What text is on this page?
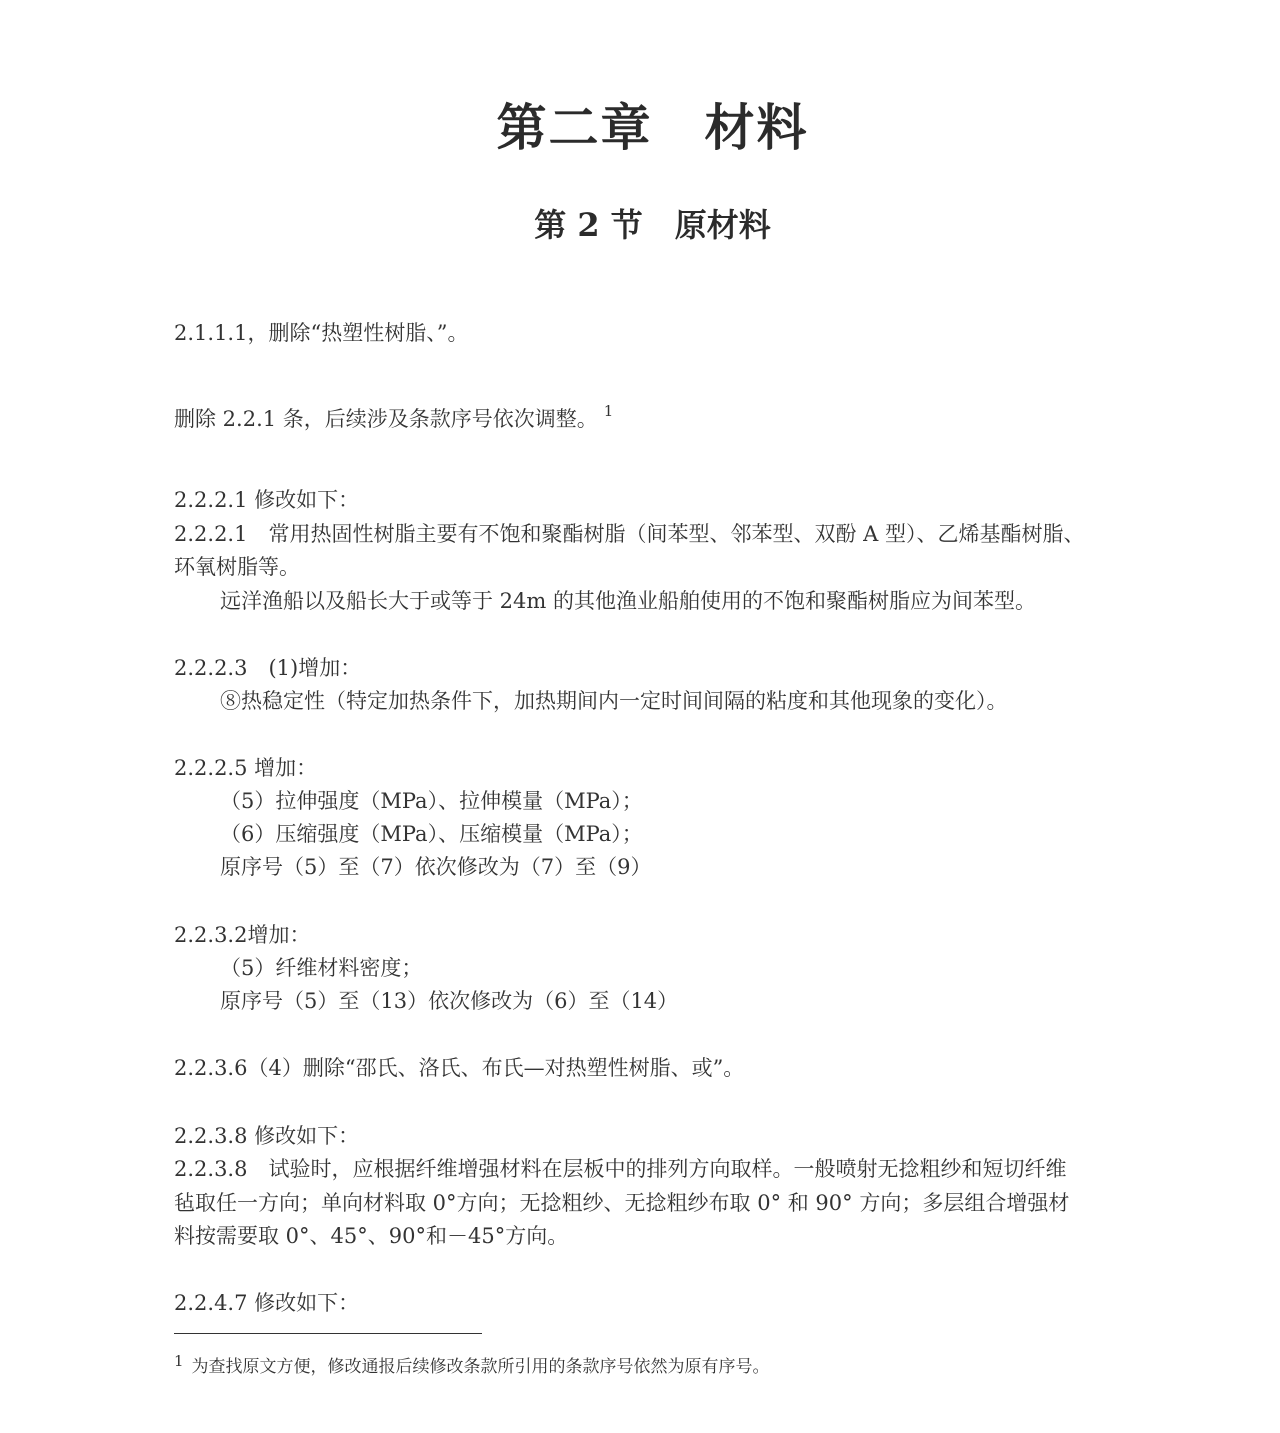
第二章　材料
第 2 节　原材料
2.1.1.1，删除“热塑性树脂、”。
删除 2.2.1 条，后续涉及条款序号依次调整。 $^1$
2.2.2.1 修改如下：
2.2.2.1　常用热固性树脂主要有不饱和聚酯树脂（间苯型、邻苯型、双酚 A 型）、乙烯基酯树脂、
环氧树脂等。
远洋渔船以及船长大于或等于 24m 的其他渔业船舶使用的不饱和聚酯树脂应为间苯型。
2.2.2.3　(1)增加：
⑧热稳定性（特定加热条件下，加热期间内一定时间间隔的粘度和其他现象的变化）。
2.2.2.5 增加：
（5）拉伸强度（MPa）、拉伸模量（MPa）；
（6）压缩强度（MPa）、压缩模量（MPa）；
原序号（5）至（7）依次修改为（7）至（9）
2.2.3.2增加：
（5）纤维材料密度；
原序号（5）至（13）依次修改为（6）至（14）
2.2.3.6（4）删除“邵氏、洛氏、布氏—对热塑性树脂、或”。
2.2.3.8 修改如下：
2.2.3.8　试验时，应根据纤维增强材料在层板中的排列方向取样。一般喷射无捻粗纱和短切纤维
毡取任一方向；单向材料取 0°方向；无捻粗纱、无捻粗纱布取 0° 和 90° 方向；多层组合增强材
料按需要取 0°、45°、90°和－45°方向。
2.2.4.7 修改如下：
1 为查找原文方便，修改通报后续修改条款所引用的条款序号依然为原有序号。
